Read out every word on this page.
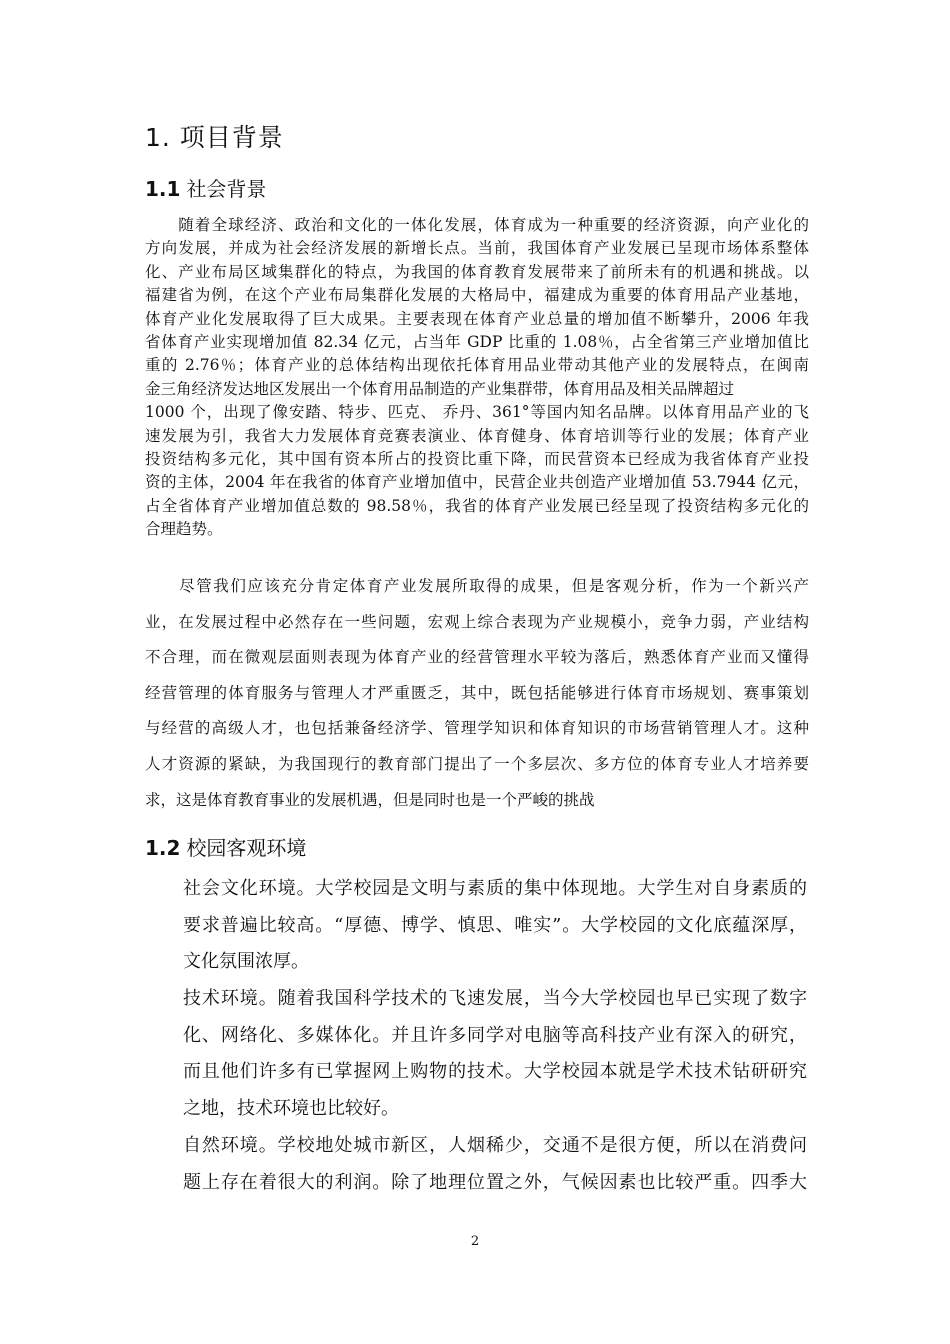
1. 项目背景
1.1 社会背景
　　随着全球经济、政治和文化的一体化发展，体育成为一种重要的经济资源，向产业化的
方向发展，并成为社会经济发展的新增长点。当前，我国体育产业发展已呈现市场体系整体
化、产业布局区域集群化的特点，为我国的体育教育发展带来了前所未有的机遇和挑战。以
福建省为例，在这个产业布局集群化发展的大格局中，福建成为重要的体育用品产业基地，
体育产业化发展取得了巨大成果。主要表现在体育产业总量的增加值不断攀升，2006 年我
省体育产业实现增加值 82.34 亿元，占当年 GDP 比重的 1.08％，占全省第三产业增加值比
重的 2.76％；体育产业的总体结构出现依托体育用品业带动其他产业的发展特点，在闽南
金三角经济发达地区发展出一个体育用品制造的产业集群带，体育用品及相关品牌超过
1000 个，出现了像安踏、特步、匹克、 乔丹、361°等国内知名品牌。以体育用品产业的飞
速发展为引，我省大力发展体育竞赛表演业、体育健身、体育培训等行业的发展；体育产业
投资结构多元化，其中国有资本所占的投资比重下降，而民营资本已经成为我省体育产业投
资的主体，2004 年在我省的体育产业增加值中，民营企业共创造产业增加值 53.7944 亿元，
占全省体育产业增加值总数的 98.58％，我省的体育产业发展已经呈现了投资结构多元化的
合理趋势。
　　尽管我们应该充分肯定体育产业发展所取得的成果，但是客观分析，作为一个新兴产
业，在发展过程中必然存在一些问题，宏观上综合表现为产业规模小，竞争力弱，产业结构
不合理，而在微观层面则表现为体育产业的经营管理水平较为落后，熟悉体育产业而又懂得
经营管理的体育服务与管理人才严重匮乏，其中，既包括能够进行体育市场规划、赛事策划
与经营的高级人才，也包括兼备经济学、管理学知识和体育知识的市场营销管理人才。这种
人才资源的紧缺，为我国现行的教育部门提出了一个多层次、多方位的体育专业人才培养要
求，这是体育教育事业的发展机遇，但是同时也是一个严峻的挑战
1.2 校园客观环境
社会文化环境。大学校园是文明与素质的集中体现地。大学生对自身素质的
要求普遍比较高。“厚德、博学、慎思、唯实”。大学校园的文化底蕴深厚，
文化氛围浓厚。
技术环境。随着我国科学技术的飞速发展，当今大学校园也早已实现了数字
化、网络化、多媒体化。并且许多同学对电脑等高科技产业有深入的研究，
而且他们许多有已掌握网上购物的技术。大学校园本就是学术技术钻研研究
之地，技术环境也比较好。
自然环境。学校地处城市新区，人烟稀少，交通不是很方便，所以在消费问
题上存在着很大的利润。除了地理位置之外，气候因素也比较严重。四季大
2
